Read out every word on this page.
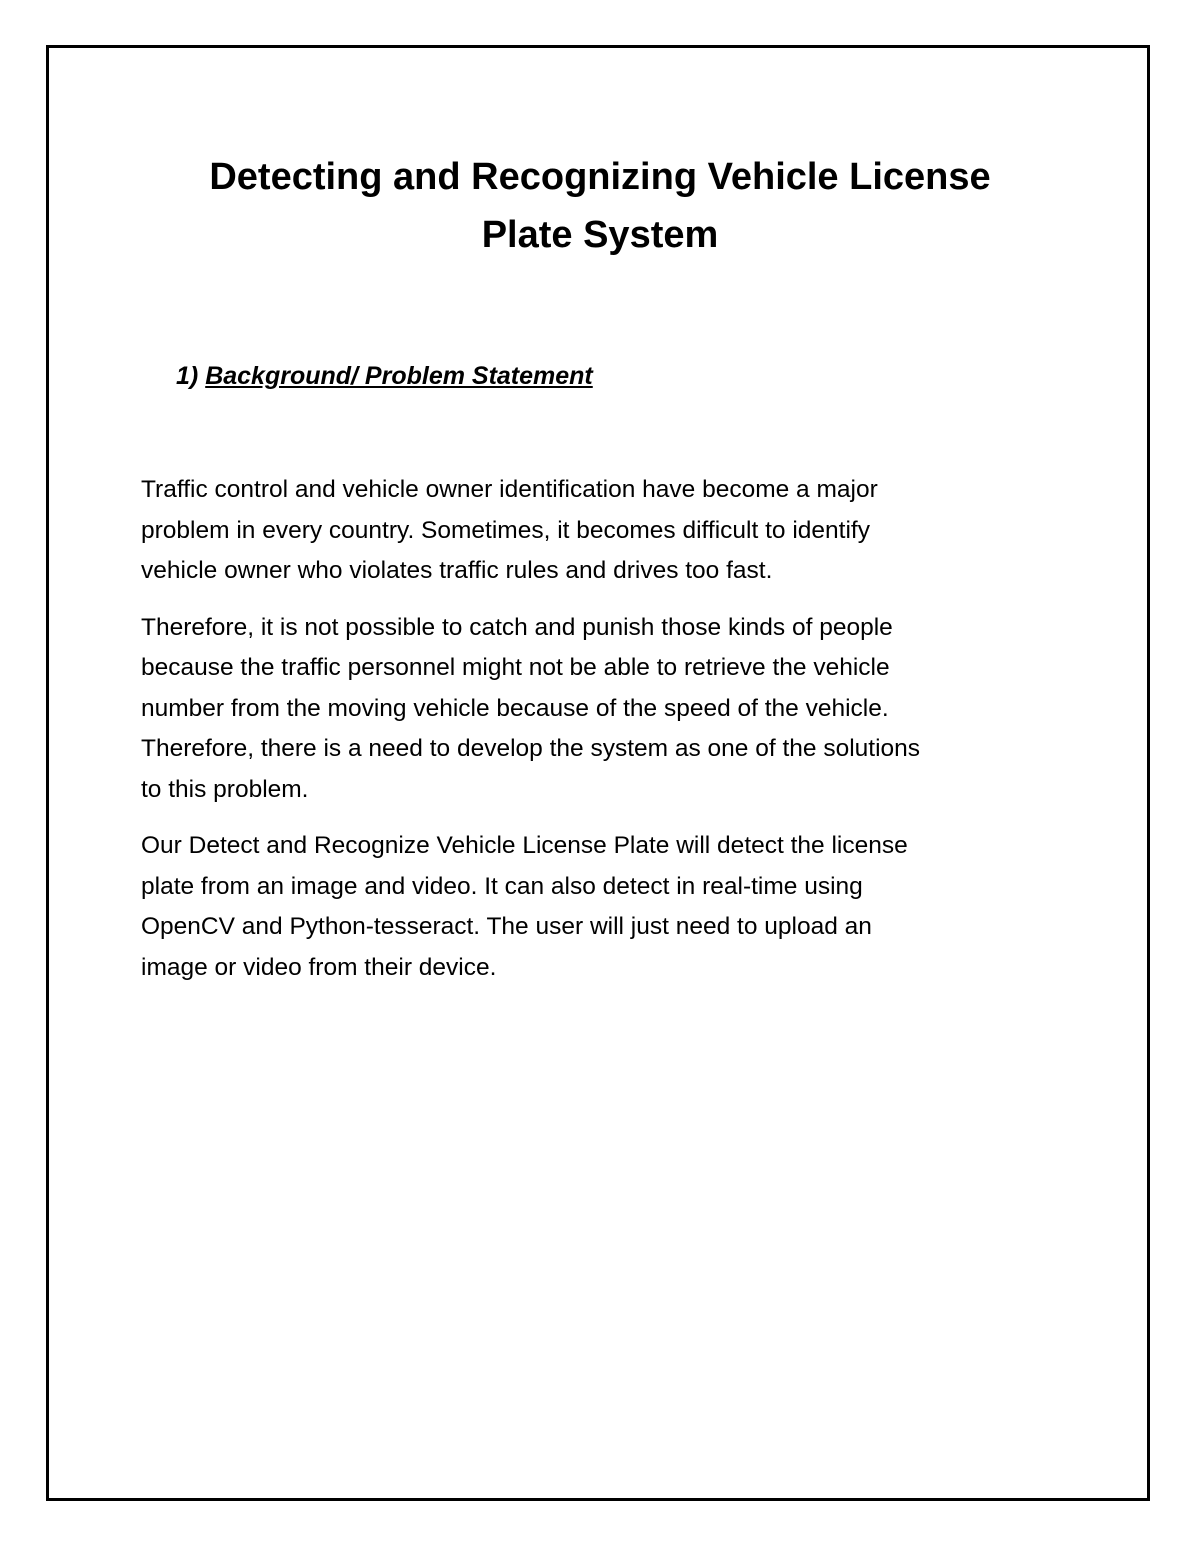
Detecting and Recognizing Vehicle License
Plate System
1) Background/ Problem Statement

Traffic control and vehicle owner identification have become a major
problem in every country. Sometimes, it becomes difficult to identify
vehicle owner who violates traffic rules and drives too fast.

Therefore, it is not possible to catch and punish those kinds of people
because the traffic personnel might not be able to retrieve the vehicle
number from the moving vehicle because of the speed of the vehicle.
Therefore, there is a need to develop the system as one of the solutions
to this problem.

Our Detect and Recognize Vehicle License Plate will detect the license
plate from an image and video. It can also detect in real-time using
OpenCV and Python-tesseract. The user will just need to upload an
image or video from their device.
